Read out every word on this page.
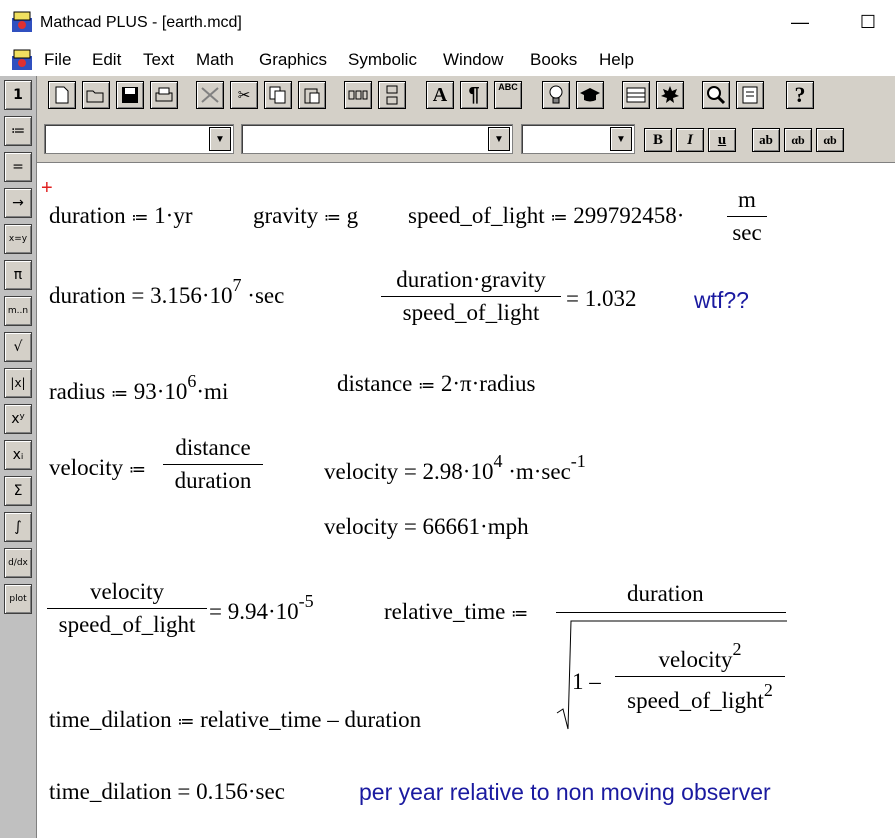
Mathcad PLUS - [earth.mcd]	—	☐
File Edit Text Math Graphics Symbolic Window Books Help
✂	A	¶	ABC	?
▼	▼	▼	B	I	u	ab	αb	αb
1
≔
=
→
x=y
π
m..n
√
|x|
xʸ
xᵢ
Σ
∫
d/dx
plot
+
duration ≔ 1·yr	gravity ≔ g speed_of_light ≔ 299792458·
m
sec
duration = $3.156\cdot 10^7 \cdot\sec$
duration·gravity
speed_of_light
= 1.032	wtf??
radius ≔ $93\cdot 10^6\cdot mi$	distance ≔ 2·π·radius
velocity ≔
distance
duration	velocity = $2.98\cdot 10^4 \cdot m\cdot\sec^{-1}$
velocity = 66661·mph
velocity
speed_of_light
= $9.94\cdot 10^{-5}$	relative_time ≔
duration
1 –
velocity$^2$
speed_of_light$^2$
time_dilation ≔ relative_time – duration
time_dilation = 0.156·sec	per year relative to non moving observer
